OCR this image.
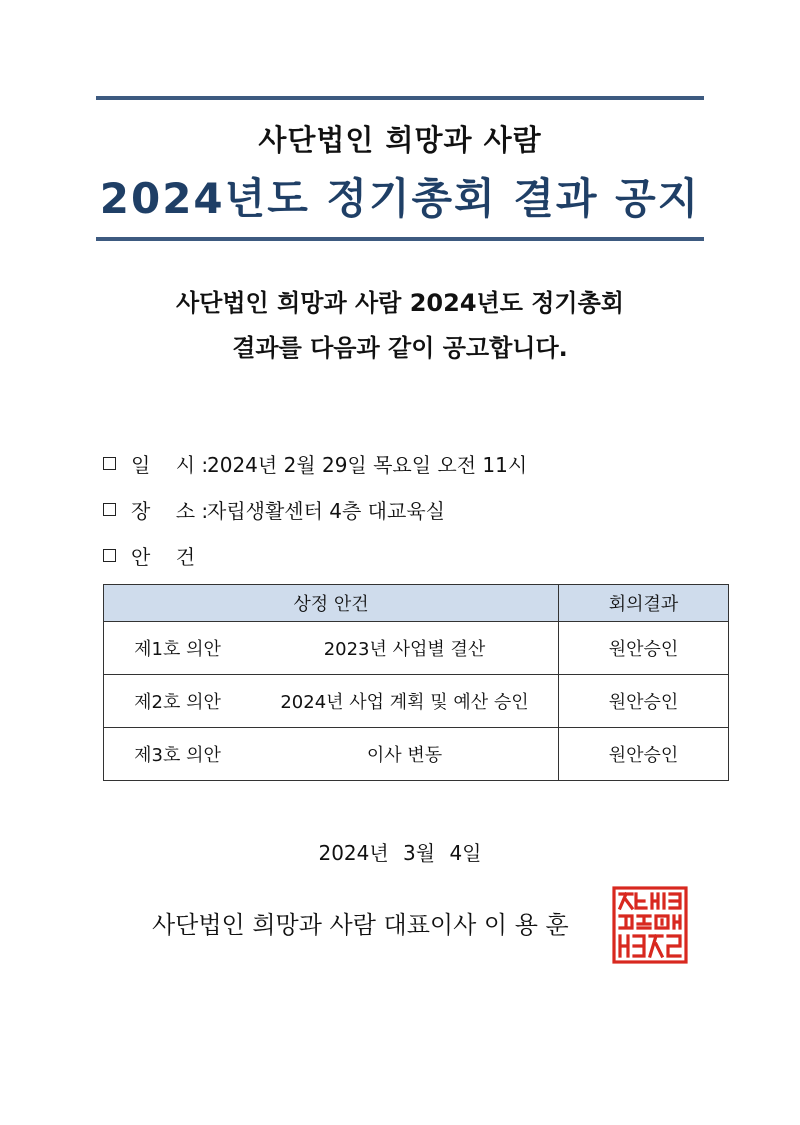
사단법인 희망과 사람
2024년도 정기총회 결과 공지
사단법인 희망과 사람 2024년도 정기총회
결과를 다음과 같이 공고합니다.
일    시 :
2024년 2월 29일 목요일 오전 11시
장    소 :
자립생활센터 4층 대교육실
안    건
상정 안건		회의결과
제1호 의안	2023년 사업별 결산	원안승인
제2호 의안	2024년 사업 계획 및 예산 승인	원안승인
제3호 의안	이사 변동	원안승인
2024년 3월 4일
사단법인 희망과 사람 대표이사 이 용 훈
